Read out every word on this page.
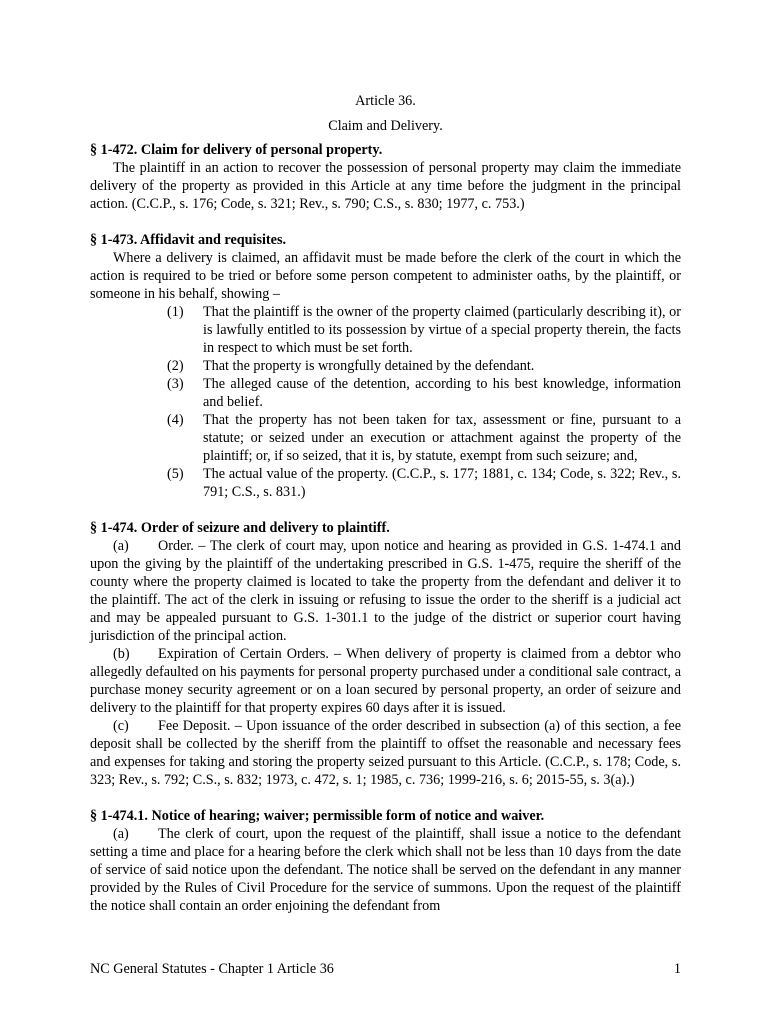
Article 36.
Claim and Delivery.
§ 1-472. Claim for delivery of personal property.
The plaintiff in an action to recover the possession of personal property may claim the immediate delivery of the property as provided in this Article at any time before the judgment in the principal action. (C.C.P., s. 176; Code, s. 321; Rev., s. 790; C.S., s. 830; 1977, c. 753.)
§ 1-473. Affidavit and requisites.
Where a delivery is claimed, an affidavit must be made before the clerk of the court in which the action is required to be tried or before some person competent to administer oaths, by the plaintiff, or someone in his behalf, showing –
(1)	That the plaintiff is the owner of the property claimed (particularly describing it), or is lawfully entitled to its possession by virtue of a special property therein, the facts in respect to which must be set forth.
(2)	That the property is wrongfully detained by the defendant.
(3)	The alleged cause of the detention, according to his best knowledge, information and belief.
(4)	That the property has not been taken for tax, assessment or fine, pursuant to a statute; or seized under an execution or attachment against the property of the plaintiff; or, if so seized, that it is, by statute, exempt from such seizure; and,
(5)	The actual value of the property. (C.C.P., s. 177; 1881, c. 134; Code, s. 322; Rev., s. 791; C.S., s. 831.)
§ 1-474. Order of seizure and delivery to plaintiff.
(a) Order. – The clerk of court may, upon notice and hearing as provided in G.S. 1-474.1 and upon the giving by the plaintiff of the undertaking prescribed in G.S. 1-475, require the sheriff of the county where the property claimed is located to take the property from the defendant and deliver it to the plaintiff. The act of the clerk in issuing or refusing to issue the order to the sheriff is a judicial act and may be appealed pursuant to G.S. 1-301.1 to the judge of the district or superior court having jurisdiction of the principal action.
(b) Expiration of Certain Orders. – When delivery of property is claimed from a debtor who allegedly defaulted on his payments for personal property purchased under a conditional sale contract, a purchase money security agreement or on a loan secured by personal property, an order of seizure and delivery to the plaintiff for that property expires 60 days after it is issued.
(c) Fee Deposit. – Upon issuance of the order described in subsection (a) of this section, a fee deposit shall be collected by the sheriff from the plaintiff to offset the reasonable and necessary fees and expenses for taking and storing the property seized pursuant to this Article. (C.C.P., s. 178; Code, s. 323; Rev., s. 792; C.S., s. 832; 1973, c. 472, s. 1; 1985, c. 736; 1999-216, s. 6; 2015-55, s. 3(a).)
§ 1-474.1. Notice of hearing; waiver; permissible form of notice and waiver.
(a) The clerk of court, upon the request of the plaintiff, shall issue a notice to the defendant setting a time and place for a hearing before the clerk which shall not be less than 10 days from the date of service of said notice upon the defendant. The notice shall be served on the defendant in any manner provided by the Rules of Civil Procedure for the service of summons. Upon the request of the plaintiff the notice shall contain an order enjoining the defendant from
NC General Statutes - Chapter 1 Article 36	1
